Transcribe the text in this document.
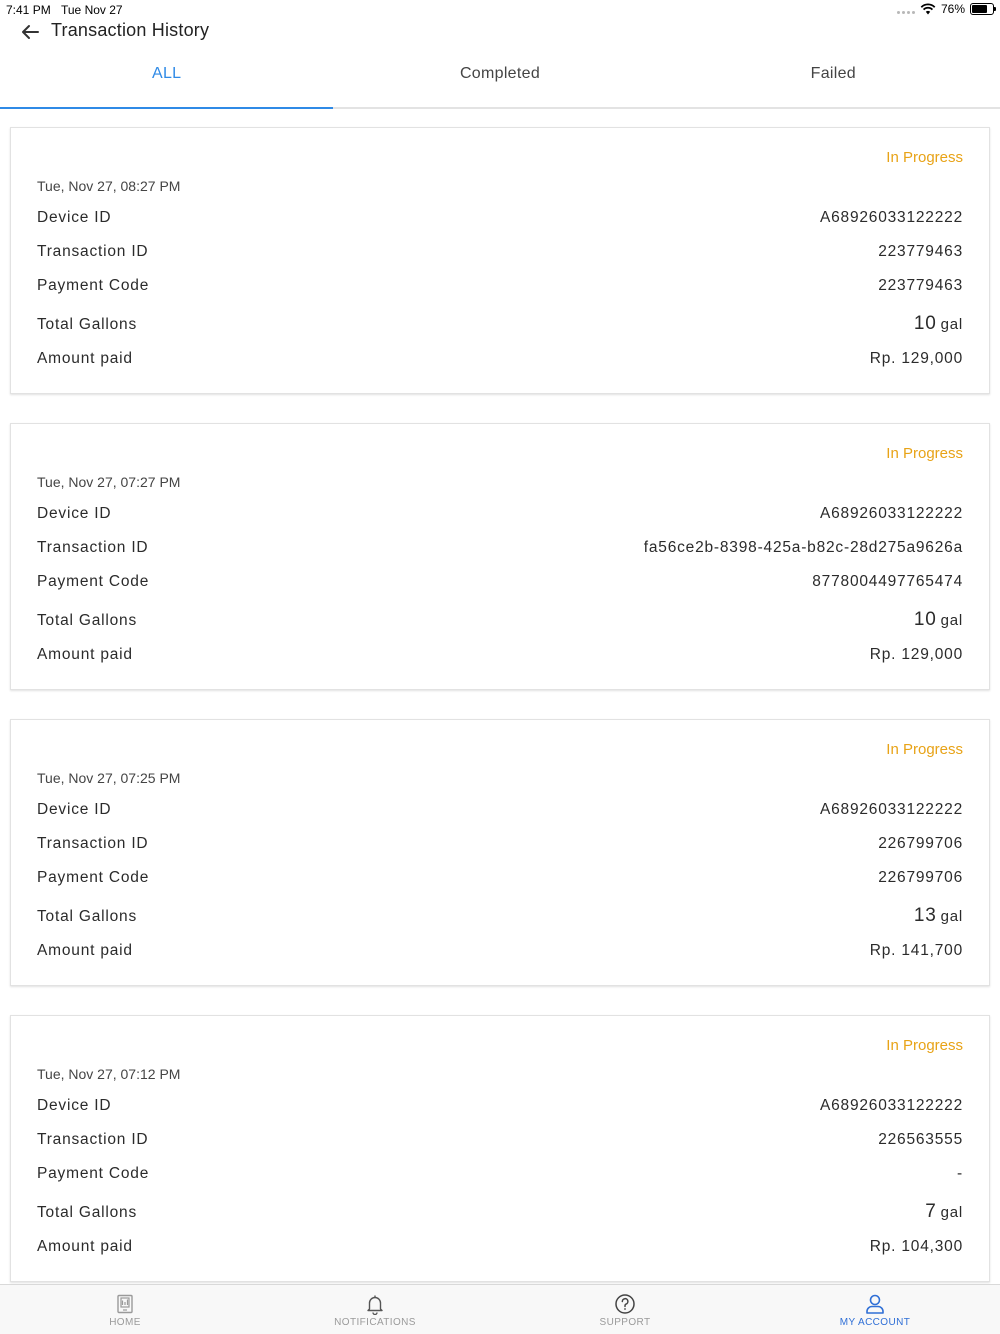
7:41 PM Tue Nov 27	76%
Transaction History
ALL	Completed	Failed
In Progress
Tue, Nov 27, 08:27 PM
Device ID	A68926033122222
Transaction ID	223779463
Payment Code	223779463
Total Gallons	10 gal
Amount paid	Rp. 129,000
In Progress
Tue, Nov 27, 07:27 PM
Device ID	A68926033122222
Transaction ID	fa56ce2b-8398-425a-b82c-28d275a9626a
Payment Code	8778004497765474
Total Gallons	10 gal
Amount paid	Rp. 129,000
In Progress
Tue, Nov 27, 07:25 PM
Device ID	A68926033122222
Transaction ID	226799706
Payment Code	226799706
Total Gallons	13 gal
Amount paid	Rp. 141,700
In Progress
Tue, Nov 27, 07:12 PM
Device ID	A68926033122222
Transaction ID	226563555
Payment Code	-
Total Gallons	7 gal
Amount paid	Rp. 104,300
HOME	NOTIFICATIONS	SUPPORT	MY ACCOUNT
